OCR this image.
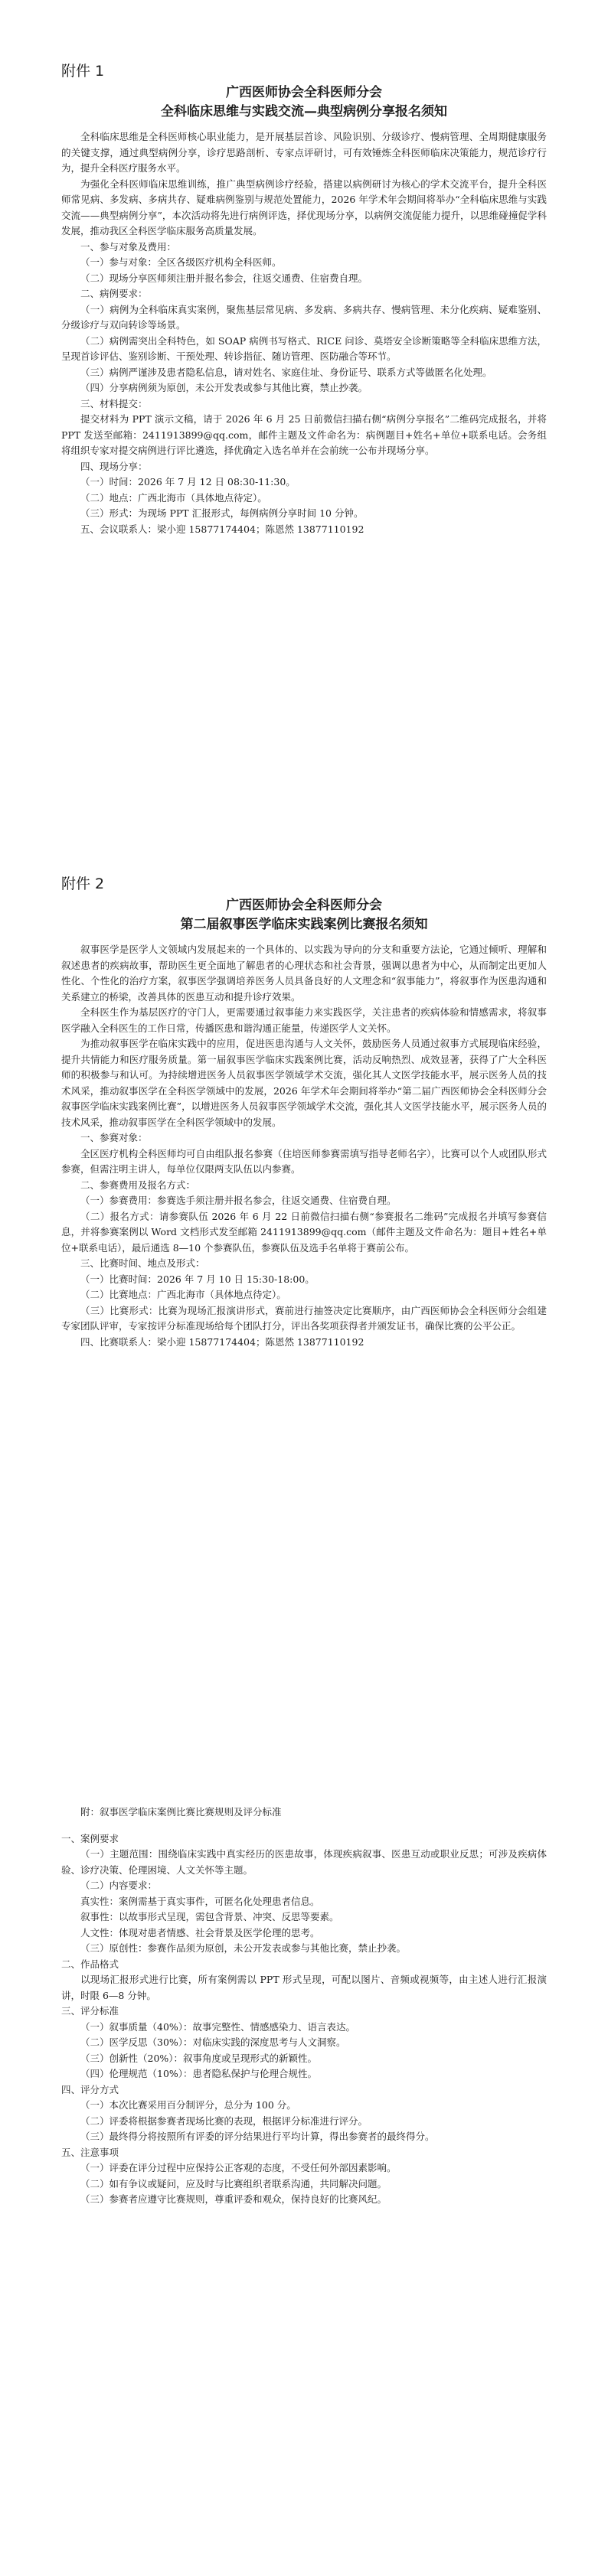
附件 1

广西医师协会全科医师分会

全科临床思维与实践交流—典型病例分享报名须知

全科临床思维是全科医师核心职业能力，是开展基层首诊、风险识别、分级诊疗、慢病管理、全周期健康服务的关键支撑，通过典型病例分享，诊疗思路剖析、专家点评研讨，可有效锤炼全科医师临床决策能力，规范诊疗行为，提升全科医疗服务水平。

为强化全科医师临床思维训练，推广典型病例诊疗经验，搭建以病例研讨为核心的学术交流平台，提升全科医师常见病、多发病、多病共存、疑难病例鉴别与规范处置能力，2026 年学术年会期间将举办“全科临床思维与实践交流——典型病例分享”，本次活动将先进行病例评选，择优现场分享，以病例交流促能力提升，以思维碰撞促学科发展，推动我区全科医学临床服务高质量发展。

一、参与对象及费用：

（一）参与对象：全区各级医疗机构全科医师。

（二）现场分享医师须注册并报名参会，往返交通费、住宿费自理。

二、病例要求：

（一）病例为全科临床真实案例，聚焦基层常见病、多发病、多病共存、慢病管理、未分化疾病、疑难鉴别、分级诊疗与双向转诊等场景。

（二）病例需突出全科特色，如 SOAP 病例书写格式、RICE 问诊、莫塔安全诊断策略等全科临床思维方法，呈现首诊评估、鉴别诊断、干预处理、转诊指征、随访管理、医防融合等环节。

（三）病例严谨涉及患者隐私信息，请对姓名、家庭住址、身份证号、联系方式等做匿名化处理。

（四）分享病例须为原创，未公开发表或参与其他比赛，禁止抄袭。

三、材料提交：

提交材料为 PPT 演示文稿，请于 2026 年 6 月 25 日前微信扫描右侧“病例分享报名”二维码完成报名，并将 PPT 发送至邮箱：2411913899@qq.com，邮件主题及文件命名为：病例题目+姓名+单位+联系电话。会务组将组织专家对提交病例进行评比遴选，择优确定入选名单并在会前统一公布并现场分享。

四、现场分享：

（一）时间：2026 年 7 月 12 日 08:30-11:30。

（二）地点：广西北海市（具体地点待定）。

（三）形式：为现场 PPT 汇报形式，每例病例分享时间 10 分钟。

五、会议联系人：梁小迎 15877174404；陈恩然 13877110192

附件 2

广西医师协会全科医师分会

第二届叙事医学临床实践案例比赛报名须知

叙事医学是医学人文领域内发展起来的一个具体的、以实践为导向的分支和重要方法论，它通过倾听、理解和叙述患者的疾病故事，帮助医生更全面地了解患者的心理状态和社会背景，强调以患者为中心，从而制定出更加人性化、个性化的治疗方案，叙事医学强调培养医务人员具备良好的人文理念和“叙事能力”，将叙事作为医患沟通和关系建立的桥梁，改善具体的医患互动和提升诊疗效果。

全科医生作为基层医疗的守门人，更需要通过叙事能力来实践医学，关注患者的疾病体验和情感需求，将叙事医学融入全科医生的工作日常，传播医患和谐沟通正能量，传递医学人文关怀。

为推动叙事医学在临床实践中的应用，促进医患沟通与人文关怀，鼓励医务人员通过叙事方式展现临床经验，提升共情能力和医疗服务质量。第一届叙事医学临床实践案例比赛，活动反响热烈、成效显著，获得了广大全科医师的积极参与和认可。为持续增进医务人员叙事医学领域学术交流，强化其人文医学技能水平，展示医务人员的技术风采，推动叙事医学在全科医学领域中的发展，2026 年学术年会期间将举办“第二届广西医师协会全科医师分会叙事医学临床实践案例比赛”，以增进医务人员叙事医学领域学术交流，强化其人文医学技能水平，展示医务人员的技术风采，推动叙事医学在全科医学领域中的发展。

一、参赛对象：

全区医疗机构全科医师均可自由组队报名参赛（住培医师参赛需填写指导老师名字），比赛可以个人或团队形式参赛，但需注明主讲人，每单位仅限两支队伍以内参赛。

二、参赛费用及报名方式：

（一）参赛费用：参赛选手须注册并报名参会，往返交通费、住宿费自理。

（二）报名方式：请参赛队伍 2026 年 6 月 22 日前微信扫描右侧“参赛报名二维码”完成报名并填写参赛信息，并将参赛案例以 Word 文档形式发至邮箱 2411913899@qq.com（邮件主题及文件命名为：题目+姓名+单位+联系电话），最后通选 8—10 个参赛队伍，参赛队伍及选手名单将于赛前公布。

三、比赛时间、地点及形式：

（一）比赛时间：2026 年 7 月 10 日 15:30-18:00。

（二）比赛地点：广西北海市（具体地点待定）。

（三）比赛形式：比赛为现场汇报演讲形式，赛前进行抽签决定比赛顺序，由广西医师协会全科医师分会组建专家团队评审，专家按评分标准现场给每个团队打分，评出各奖项获得者并颁发证书，确保比赛的公平公正。

四、比赛联系人：梁小迎 15877174404；陈恩然 13877110192

附：叙事医学临床案例比赛比赛规则及评分标准

一、案例要求

（一）主题范围：围绕临床实践中真实经历的医患故事，体现疾病叙事、医患互动或职业反思；可涉及疾病体验、诊疗决策、伦理困境、人文关怀等主题。

（二）内容要求：

真实性：案例需基于真实事件，可匿名化处理患者信息。

叙事性：以故事形式呈现，需包含背景、冲突、反思等要素。

人文性：体现对患者情感、社会背景及医学伦理的思考。

（三）原创性：参赛作品须为原创，未公开发表或参与其他比赛，禁止抄袭。

二、作品格式

以现场汇报形式进行比赛，所有案例需以 PPT 形式呈现，可配以图片、音频或视频等，由主述人进行汇报演讲，时限 6—8 分钟。

三、评分标准

（一）叙事质量（40%）：故事完整性、情感感染力、语言表达。

（二）医学反思（30%）：对临床实践的深度思考与人文洞察。

（三）创新性（20%）：叙事角度或呈现形式的新颖性。

（四）伦理规范（10%）：患者隐私保护与伦理合规性。

四、评分方式

（一）本次比赛采用百分制评分，总分为 100 分。

（二）评委将根据参赛者现场比赛的表现，根据评分标准进行评分。

（三）最终得分将按照所有评委的评分结果进行平均计算，得出参赛者的最终得分。

五、注意事项

（一）评委在评分过程中应保持公正客观的态度，不受任何外部因素影响。

（二）如有争议或疑问，应及时与比赛组织者联系沟通，共同解决问题。

（三）参赛者应遵守比赛规则，尊重评委和观众，保持良好的比赛风纪。
